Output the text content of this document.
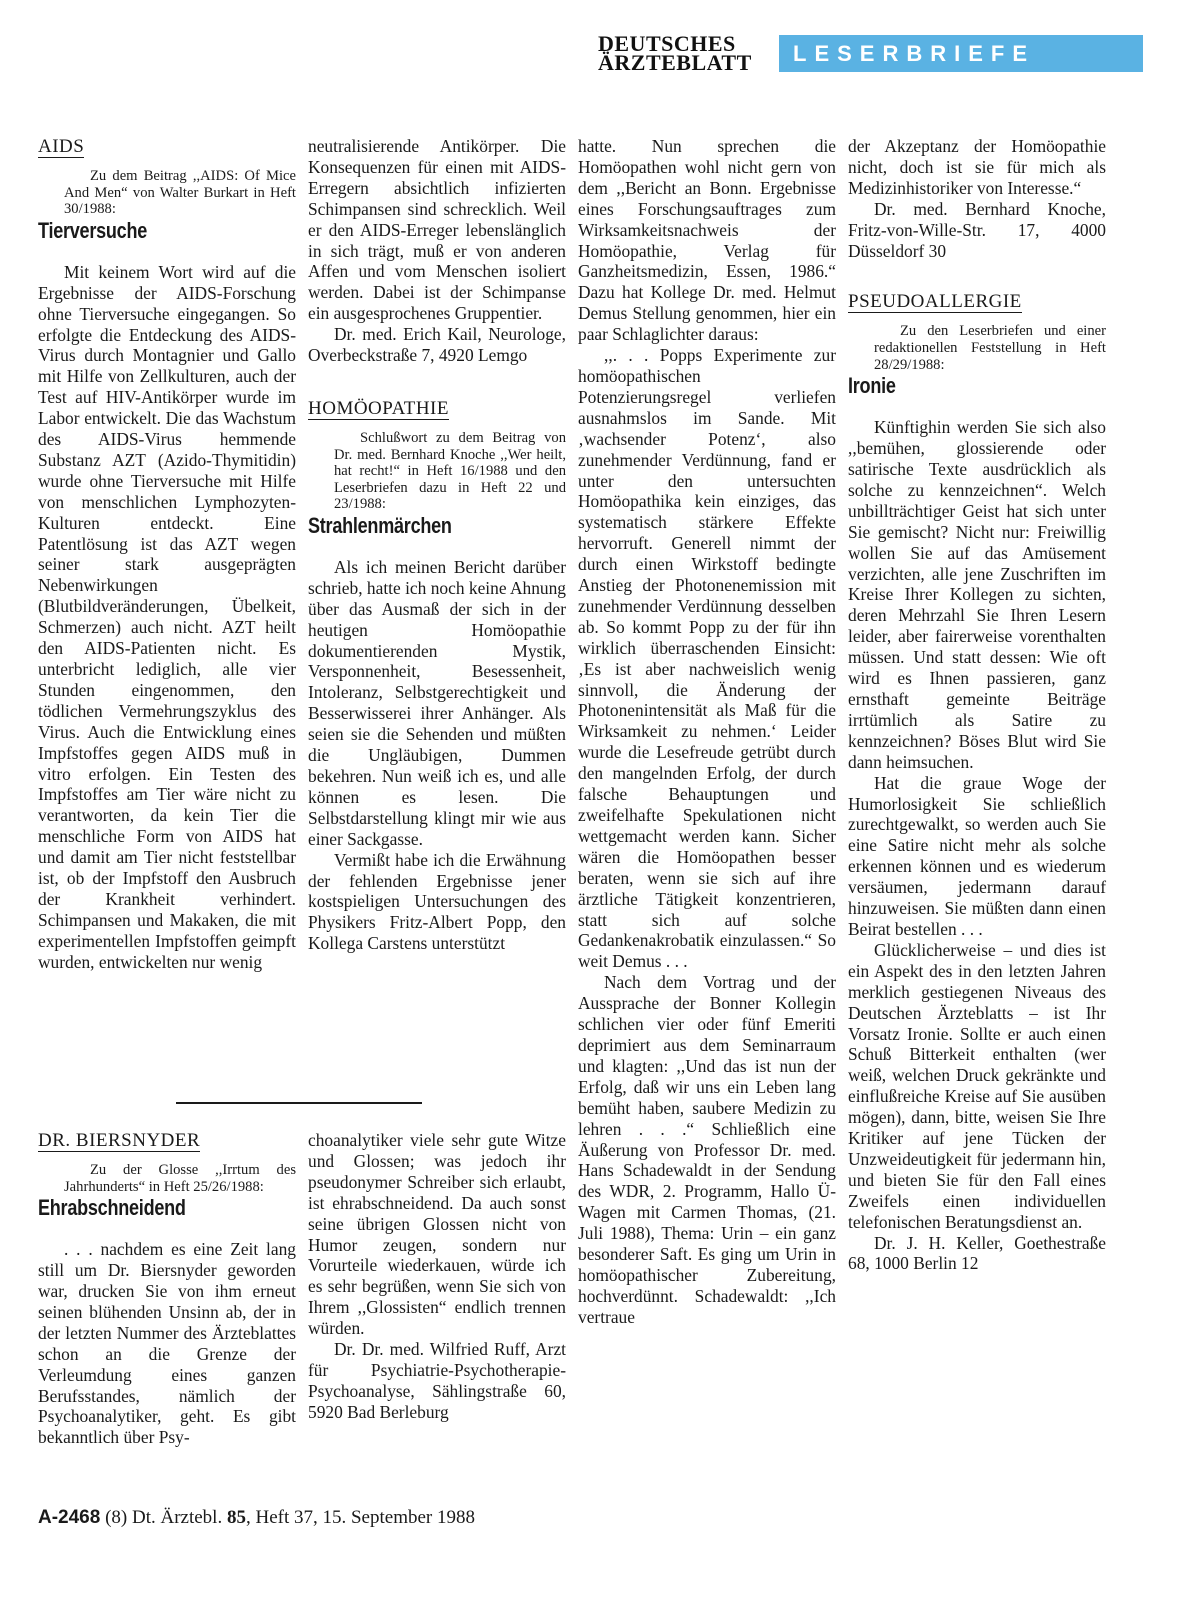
DEUTSCHES
ÄRZTEBLATT	LESERBRIEFE
AIDS

Zu dem Beitrag ,,AIDS: Of Mice And Men“ von Walter Burkart in Heft 30/1988:

Tierversuche

Mit keinem Wort wird auf die Ergebnisse der AIDS-Forschung ohne Tierversuche eingegangen. So erfolgte die Entdeckung des AIDS-Virus durch Montagnier und Gallo mit Hilfe von Zellkulturen, auch der Test auf HIV-Antikörper wurde im Labor entwickelt. Die das Wachstum des AIDS-Virus hemmende Substanz AZT (Azido-Thymitidin) wurde ohne Tierversuche mit Hilfe von menschlichen Lymphozyten-Kulturen entdeckt. Eine Patentlösung ist das AZT wegen seiner stark ausgeprägten Nebenwirkungen (Blutbildveränderungen, Übelkeit, Schmerzen) auch nicht. AZT heilt den AIDS-Patienten nicht. Es unterbricht lediglich, alle vier Stunden eingenommen, den tödlichen Vermehrungszyklus des Virus. Auch die Entwicklung eines Impfstoffes gegen AIDS muß in vitro erfolgen. Ein Testen des Impfstoffes am Tier wäre nicht zu verantworten, da kein Tier die menschliche Form von AIDS hat und damit am Tier nicht feststellbar ist, ob der Impfstoff den Ausbruch der Krankheit verhindert. Schimpansen und Makaken, die mit experimentellen Impfstoffen geimpft wurden, entwickelten nur wenig

neutralisierende Antikörper. Die Konsequenzen für einen mit AIDS-Erregern absichtlich infizierten Schimpansen sind schrecklich. Weil er den AIDS-Erreger lebenslänglich in sich trägt, muß er von anderen Affen und vom Menschen isoliert werden. Dabei ist der Schimpanse ein ausgesprochenes Gruppentier.

Dr. med. Erich Kail, Neurologe, Overbeckstraße 7, 4920 Lemgo

HOMÖOPATHIE

Schlußwort zu dem Beitrag von Dr. med. Bernhard Knoche ,,Wer heilt, hat recht!“ in Heft 16/1988 und den Leserbriefen dazu in Heft 22 und 23/1988:

Strahlenmärchen

Als ich meinen Bericht darüber schrieb, hatte ich noch keine Ahnung über das Ausmaß der sich in der heutigen Homöopathie dokumentierenden Mystik, Versponnenheit, Besessenheit, Intoleranz, Selbstgerechtigkeit und Besserwisserei ihrer Anhänger. Als seien sie die Sehenden und müßten die Ungläubigen, Dummen bekehren. Nun weiß ich es, und alle können es lesen. Die Selbstdarstellung klingt mir wie aus einer Sackgasse.

Vermißt habe ich die Erwähnung der fehlenden Ergebnisse jener kostspieligen Untersuchungen des Physikers Fritz-Albert Popp, den Kollega Carstens unterstützt

hatte. Nun sprechen die Homöopathen wohl nicht gern von dem ,,Bericht an Bonn. Ergebnisse eines Forschungsauftrages zum Wirksamkeitsnachweis der Homöopathie, Verlag für Ganzheitsmedizin, Essen, 1986.“ Dazu hat Kollege Dr. med. Helmut Demus Stellung genommen, hier ein paar Schlaglichter daraus:

,,. . . Popps Experimente zur homöopathischen Potenzierungsregel verliefen ausnahmslos im Sande. Mit ‚wachsender Potenz‘, also zunehmender Verdünnung, fand er unter den untersuchten Homöopathika kein einziges, das systematisch stärkere Effekte hervorruft. Generell nimmt der durch einen Wirkstoff bedingte Anstieg der Photonenemission mit zunehmender Verdünnung desselben ab. So kommt Popp zu der für ihn wirklich überraschenden Einsicht: ‚Es ist aber nachweislich wenig sinnvoll, die Änderung der Photonenintensität als Maß für die Wirksamkeit zu nehmen.‘ Leider wurde die Lesefreude getrübt durch den mangelnden Erfolg, der durch falsche Behauptungen und zweifelhafte Spekulationen nicht wettgemacht werden kann. Sicher wären die Homöopathen besser beraten, wenn sie sich auf ihre ärztliche Tätigkeit konzentrieren, statt sich auf solche Gedankenakrobatik einzulassen.“ So weit Demus . . .

Nach dem Vortrag und der Aussprache der Bonner Kollegin schlichen vier oder fünf Emeriti deprimiert aus dem Seminarraum und klagten: ,,Und das ist nun der Erfolg, daß wir uns ein Leben lang bemüht haben, saubere Medizin zu lehren . . .“ Schließlich eine Äußerung von Professor Dr. med. Hans Schadewaldt in der Sendung des WDR, 2. Programm, Hallo Ü-Wagen mit Carmen Thomas, (21. Juli 1988), Thema: Urin – ein ganz besonderer Saft. Es ging um Urin in homöopathischer Zubereitung, hochverdünnt. Schadewaldt: ,,Ich vertraue

der Akzeptanz der Homöopathie nicht, doch ist sie für mich als Medizinhistoriker von Interesse.“

Dr. med. Bernhard Knoche, Fritz-von-Wille-Str. 17, 4000 Düsseldorf 30

PSEUDOALLERGIE

Zu den Leserbriefen und einer redaktionellen Feststellung in Heft 28/29/1988:

Ironie

Künftighin werden Sie sich also ,,bemühen, glossierende oder satirische Texte ausdrücklich als solche zu kennzeichnen“. Welch unbillträchtiger Geist hat sich unter Sie gemischt? Nicht nur: Freiwillig wollen Sie auf das Amüsement verzichten, alle jene Zuschriften im Kreise Ihrer Kollegen zu sichten, deren Mehrzahl Sie Ihren Lesern leider, aber fairerweise vorenthalten müssen. Und statt dessen: Wie oft wird es Ihnen passieren, ganz ernsthaft gemeinte Beiträge irrtümlich als Satire zu kennzeichnen? Böses Blut wird Sie dann heimsuchen.

Hat die graue Woge der Humorlosigkeit Sie schließlich zurechtgewalkt, so werden auch Sie eine Satire nicht mehr als solche erkennen können und es wiederum versäumen, jedermann darauf hinzuweisen. Sie müßten dann einen Beirat bestellen . . .

Glücklicherweise – und dies ist ein Aspekt des in den letzten Jahren merklich gestiegenen Niveaus des Deutschen Ärzteblatts – ist Ihr Vorsatz Ironie. Sollte er auch einen Schuß Bitterkeit enthalten (wer weiß, welchen Druck gekränkte und einflußreiche Kreise auf Sie ausüben mögen), dann, bitte, weisen Sie Ihre Kritiker auf jene Tücken der Unzweideutigkeit für jedermann hin, und bieten Sie für den Fall eines Zweifels einen individuellen telefonischen Beratungsdienst an.

Dr. J. H. Keller, Goethestraße 68, 1000 Berlin 12

DR. BIERSNYDER

Zu der Glosse ,,Irrtum des Jahrhunderts“ in Heft 25/26/1988:

Ehrabschneidend

. . . nachdem es eine Zeit lang still um Dr. Biersnyder geworden war, drucken Sie von ihm erneut seinen blühenden Unsinn ab, der in der letzten Nummer des Ärzteblattes schon an die Grenze der Verleumdung eines ganzen Berufsstandes, nämlich der Psychoanalytiker, geht. Es gibt bekanntlich über Psy-

choanalytiker viele sehr gute Witze und Glossen; was jedoch ihr pseudonymer Schreiber sich erlaubt, ist ehrabschneidend. Da auch sonst seine übrigen Glossen nicht von Humor zeugen, sondern nur Vorurteile wiederkauen, würde ich es sehr begrüßen, wenn Sie sich von Ihrem ,,Glossisten“ endlich trennen würden.

Dr. Dr. med. Wilfried Ruff, Arzt für Psychiatrie-Psychotherapie-Psychoanalyse, Sählingstraße 60, 5920 Bad Berleburg

A-2468 (8) Dt. Ärztebl. 85, Heft 37, 15. September 1988
